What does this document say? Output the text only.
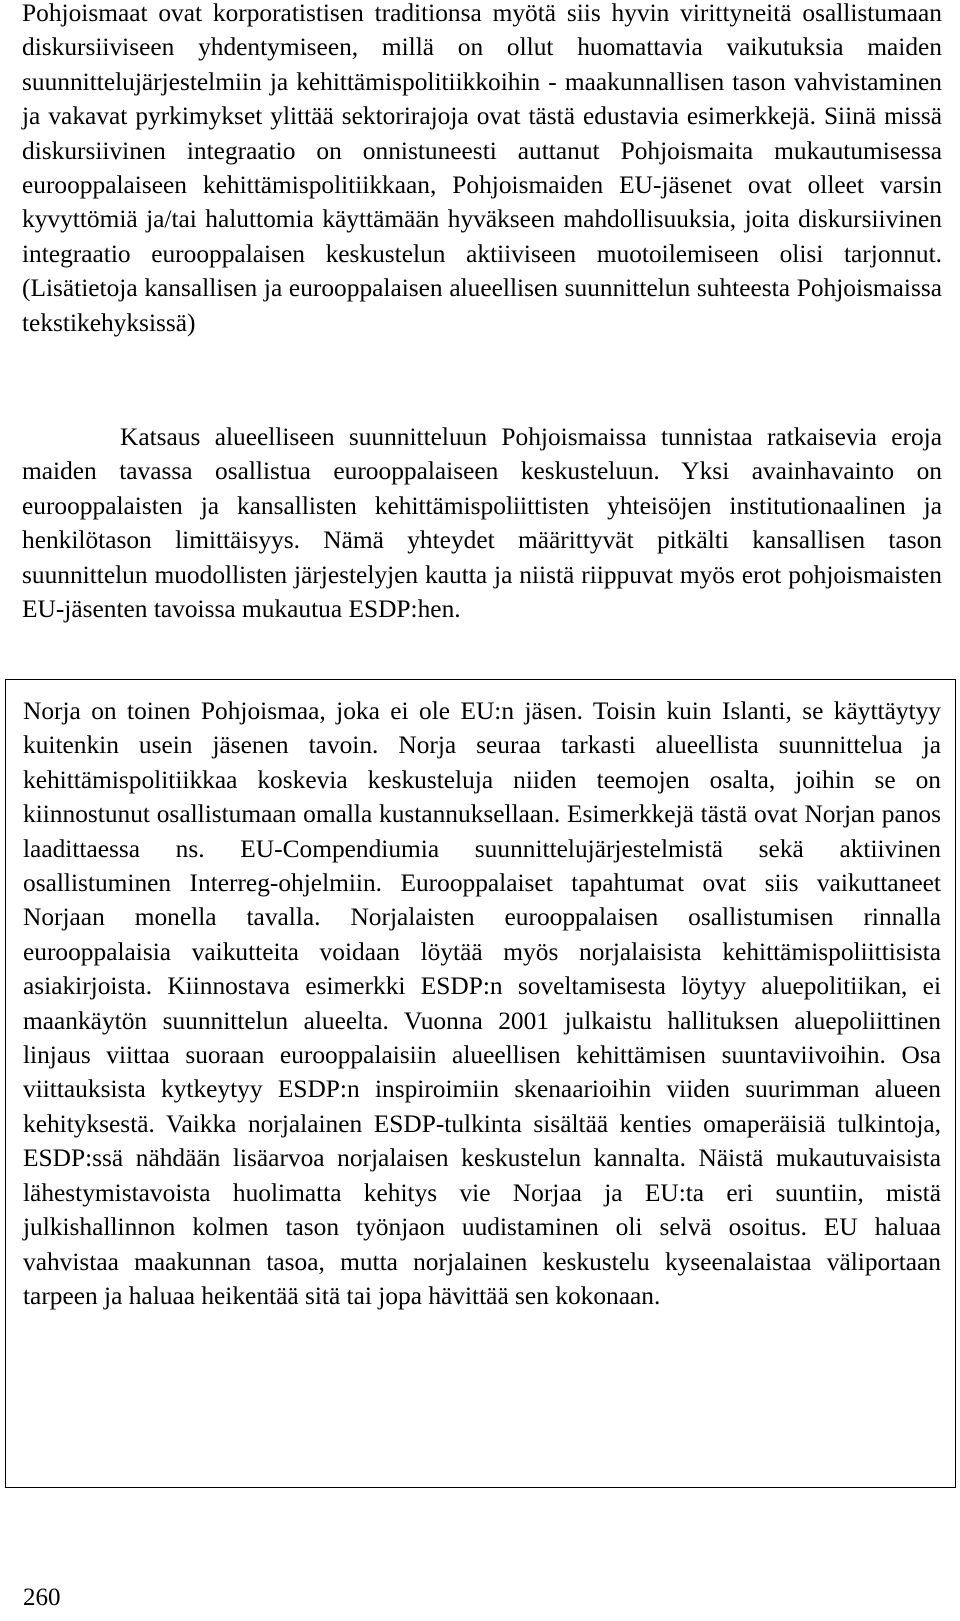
Pohjoismaat ovat korporatistisen traditionsa myötä siis hyvin virittyneitä osallistumaan diskursiiviseen yhdentymiseen, millä on ollut huomattavia vaikutuksia maiden suunnittelujärjestelmiin ja kehittämispolitiikkoihin - maakunnallisen tason vahvistaminen ja vakavat pyrkimykset ylittää sektorirajoja ovat tästä edustavia esimerkkejä. Siinä missä diskursiivinen integraatio on onnistuneesti auttanut Pohjoismaita mukautumisessa eurooppalaiseen kehittämispolitiikkaan, Pohjoismaiden EU-jäsenet ovat olleet varsin kyvyttömiä ja/tai haluttomia käyttämään hyväkseen mahdollisuuksia, joita diskursiivinen integraatio eurooppalaisen keskustelun aktiiviseen muotoilemiseen olisi tarjonnut. (Lisätietoja kansallisen ja eurooppalaisen alueellisen suunnittelun suhteesta Pohjoismaissa tekstikehyksissä)

Katsaus alueelliseen suunnitteluun Pohjoismaissa tunnistaa ratkaisevia eroja maiden tavassa osallistua eurooppalaiseen keskusteluun. Yksi avainhavainto on eurooppalaisten ja kansallisten kehittämispoliittisten yhteisöjen institutionaalinen ja henkilötason limittäisyys. Nämä yhteydet määrittyvät pitkälti kansallisen tason suunnittelun muodollisten järjestelyjen kautta ja niistä riippuvat myös erot pohjoismaisten EU-jäsenten tavoissa mukautua ESDP:hen.

Norja on toinen Pohjoismaa, joka ei ole EU:n jäsen. Toisin kuin Islanti, se käyttäytyy kuitenkin usein jäsenen tavoin. Norja seuraa tarkasti alueellista suunnittelua ja kehittämispolitiikkaa koskevia keskusteluja niiden teemojen osalta, joihin se on kiinnostunut osallistumaan omalla kustannuksellaan. Esimerkkejä tästä ovat Norjan panos laadittaessa ns. EU-Compendiumia suunnittelujärjestelmistä sekä aktiivinen osallistuminen Interreg-ohjelmiin. Eurooppalaiset tapahtumat ovat siis vaikuttaneet Norjaan monella tavalla. Norjalaisten eurooppalaisen osallistumisen rinnalla eurooppalaisia vaikutteita voidaan löytää myös norjalaisista kehittämispoliittisista asiakirjoista. Kiinnostava esimerkki ESDP:n soveltamisesta löytyy aluepolitiikan, ei maankäytön suunnittelun alueelta. Vuonna 2001 julkaistu hallituksen aluepoliittinen linjaus viittaa suoraan eurooppalaisiin alueellisen kehittämisen suuntaviivoihin. Osa viittauksista kytkeytyy ESDP:n inspiroimiin skenaarioihin viiden suurimman alueen kehityksestä. Vaikka norjalainen ESDP-tulkinta sisältää kenties omaperäisiä tulkintoja, ESDP:ssä nähdään lisäarvoa norjalaisen keskustelun kannalta. Näistä mukautuvaisista lähestymistavoista huolimatta kehitys vie Norjaa ja EU:ta eri suuntiin, mistä julkishallinnon kolmen tason työnjaon uudistaminen oli selvä osoitus. EU haluaa vahvistaa maakunnan tasoa, mutta norjalainen keskustelu kyseenalaistaa väliportaan tarpeen ja haluaa heikentää sitä tai jopa hävittää sen kokonaan.

260
